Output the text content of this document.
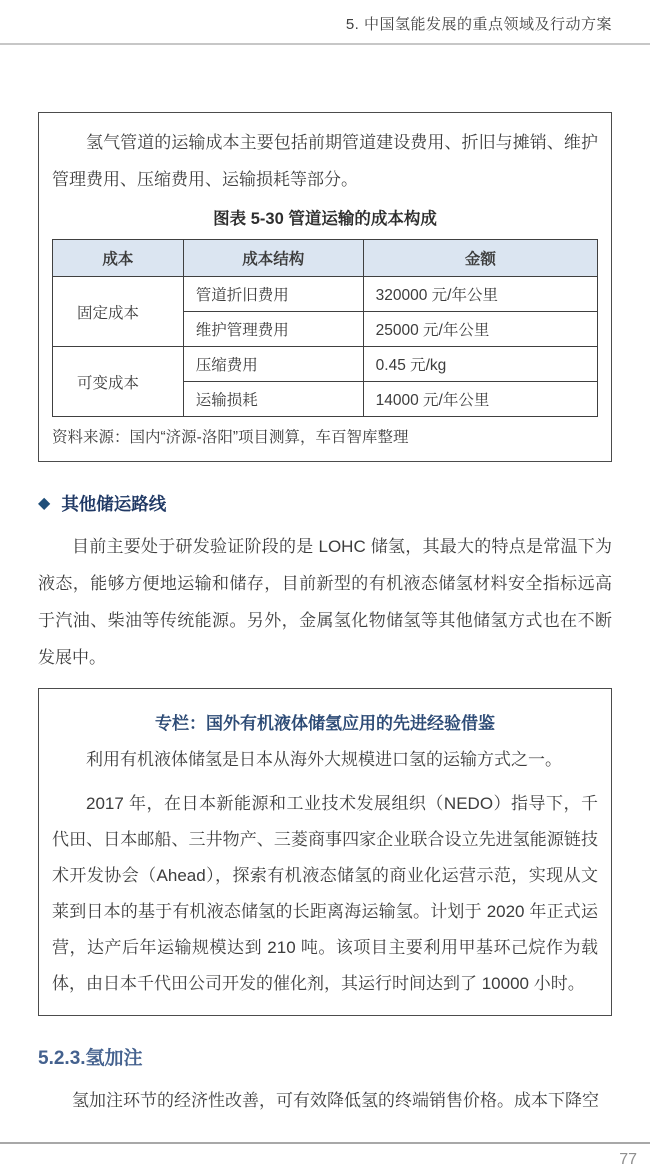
5. 中国氢能发展的重点领域及行动方案

氢气管道的运输成本主要包括前期管道建设费用、折旧与摊销、维护管理费用、压缩费用、运输损耗等部分。

图表 5-30 管道运输的成本构成
成本	成本结构	金额
固定成本	管道折旧费用	320000 元/年公里
	维护管理费用	25000 元/年公里
可变成本	压缩费用	0.45 元/kg
	运输损耗	14000 元/年公里

资料来源：国内“济源-洛阳”项目测算，车百智库整理

◆ 其他储运路线

目前主要处于研发验证阶段的是 LOHC 储氢，其最大的特点是常温下为液态，能够方便地运输和储存，目前新型的有机液态储氢材料安全指标远高于汽油、柴油等传统能源。另外，金属氢化物储氢等其他储氢方式也在不断发展中。

专栏：国外有机液体储氢应用的先进经验借鉴

利用有机液体储氢是日本从海外大规模进口氢的运输方式之一。

2017 年，在日本新能源和工业技术发展组织（NEDO）指导下，千代田、日本邮船、三井物产、三菱商事四家企业联合设立先进氢能源链技术开发协会（Ahead），探索有机液态储氢的商业化运营示范，实现从文莱到日本的基于有机液态储氢的长距离海运输氢。计划于 2020 年正式运营，达产后年运输规模达到 210 吨。该项目主要利用甲基环己烷作为载体，由日本千代田公司开发的催化剂，其运行时间达到了 10000 小时。

5.2.3.氢加注

氢加注环节的经济性改善，可有效降低氢的终端销售价格。成本下降空

77
